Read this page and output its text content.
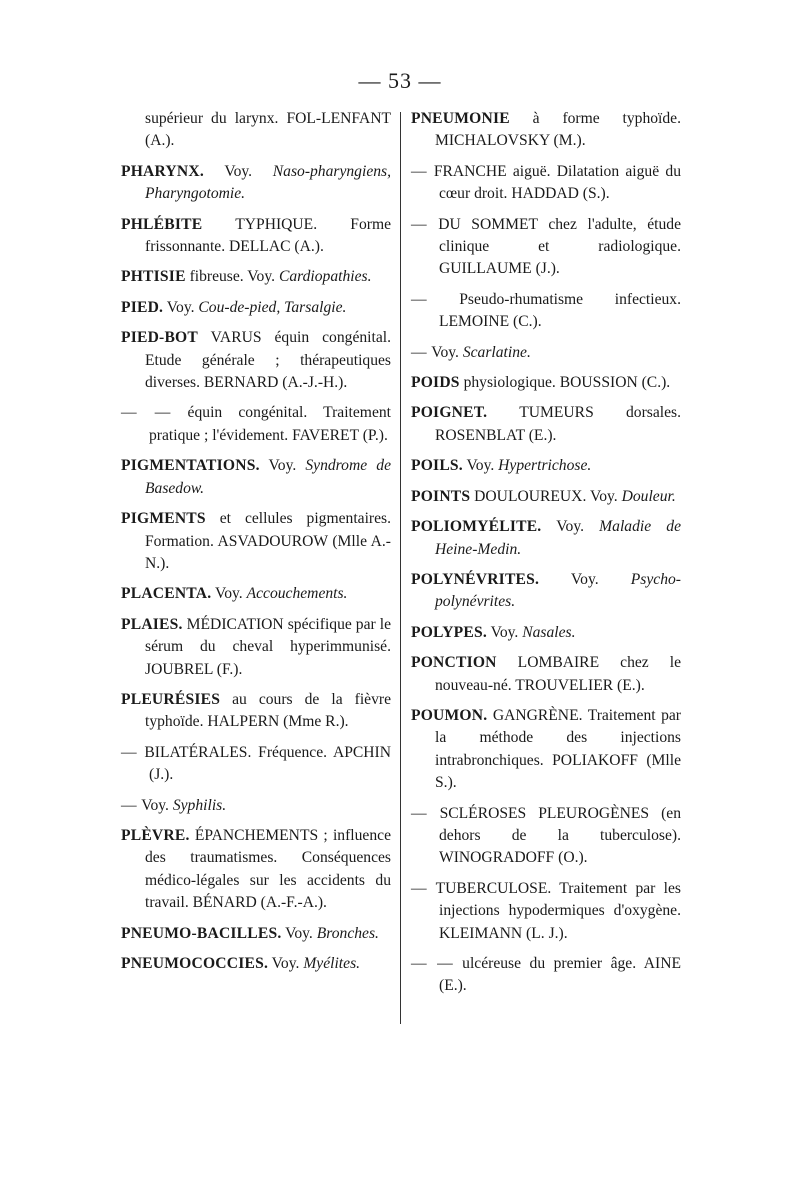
— 53 —

supérieur du larynx. FOL-LENFANT (A.).

PHARYNX. Voy. Naso-pharyngiens, Pharyngotomie.

PHLÉBITE TYPHIQUE. Forme frissonnante. DELLAC (A.).

PHTISIE fibreuse. Voy. Cardiopathies.

PIED. Voy. Cou-de-pied, Tarsalgie.

PIED-BOT VARUS équin congénital. Etude générale ; thérapeutiques diverses. BERNARD (A.-J.-H.).

— — équin congénital. Traitement pratique ; l'évidement. FAVERET (P.).

PIGMENTATIONS. Voy. Syndrome de Basedow.

PIGMENTS et cellules pigmentaires. Formation. ASVADOUROW (Mlle A.-N.).

PLACENTA. Voy. Accouchements.

PLAIES. MÉDICATION spécifique par le sérum du cheval hyperimmunisé. JOUBREL (F.).

PLEURÉSIES au cours de la fièvre typhoïde. HALPERN (Mme R.).

— BILATÉRALES. Fréquence. APCHIN (J.).

— Voy. Syphilis.

PLÈVRE. ÉPANCHEMENTS ; influence des traumatismes. Conséquences médico-légales sur les accidents du travail. BÉNARD (A.-F.-A.).

PNEUMO-BACILLES. Voy. Bronches.

PNEUMOCOCCIES. Voy. Myélites.

PNEUMONIE à forme typhoïde. MICHALOVSKY (M.).

— FRANCHE aiguë. Dilatation aiguë du cœur droit. HADDAD (S.).

— DU SOMMET chez l'adulte, étude clinique et radiologique. GUILLAUME (J.).

— Pseudo-rhumatisme infectieux. LEMOINE (C.).

— Voy. Scarlatine.

POIDS physiologique. BOUSSION (C.).

POIGNET. TUMEURS dorsales. ROSENBLAT (E.).

POILS. Voy. Hypertrichose.

POINTS DOULOUREUX. Voy. Douleur.

POLIOMYÉLITE. Voy. Maladie de Heine-Medin.

POLYNÉVRITES. Voy. Psycho-polynévrites.

POLYPES. Voy. Nasales.

PONCTION LOMBAIRE chez le nouveau-né. TROUVELIER (E.).

POUMON. GANGRÈNE. Traitement par la méthode des injections intrabronchiques. POLIAKOFF (Mlle S.).

— SCLÉROSES PLEUROGÈNES (en dehors de la tuberculose). WINOGRADOFF (O.).

— TUBERCULOSE. Traitement par les injections hypodermiques d'oxygène. KLEIMANN (L. J.).

— — ulcéreuse du premier âge. AINE (E.).
